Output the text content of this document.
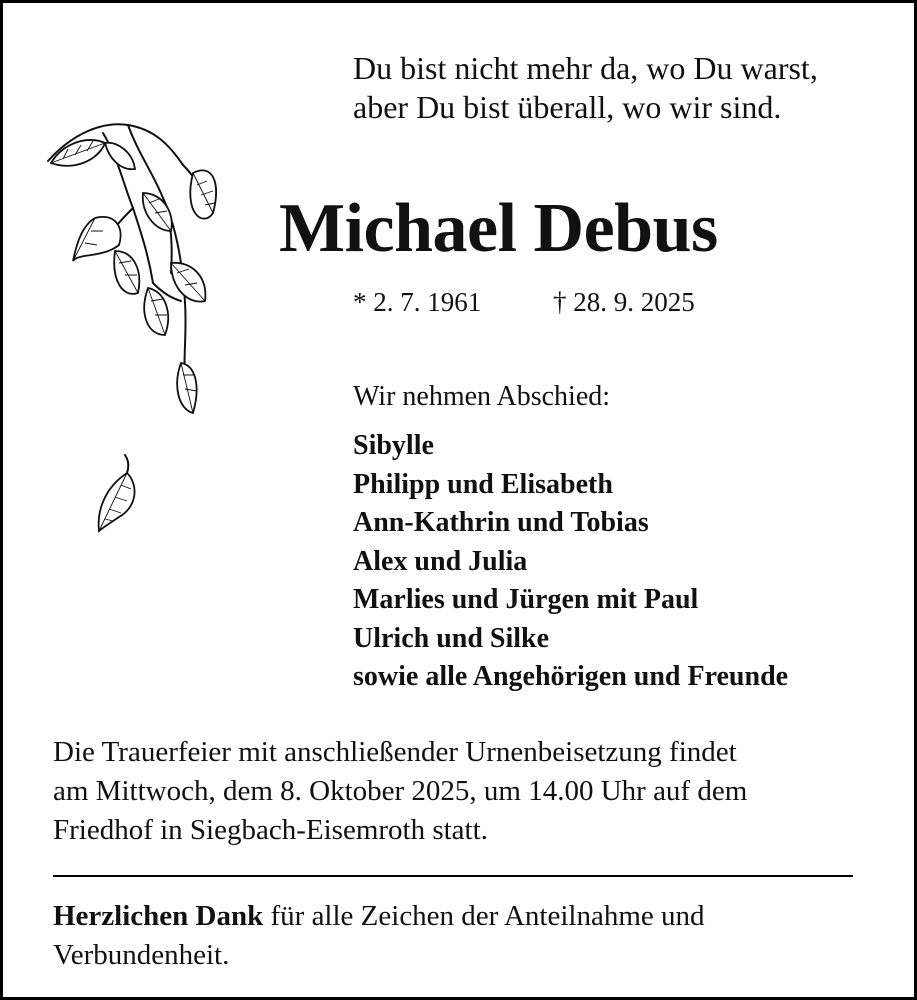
Du bist nicht mehr da, wo Du warst,
aber Du bist überall, wo wir sind.
Michael Debus
* 2. 7. 1961	† 28. 9. 2025
Wir nehmen Abschied:
Sibylle
Philipp und Elisabeth
Ann-Kathrin und Tobias
Alex und Julia
Marlies und Jürgen mit Paul
Ulrich und Silke
sowie alle Angehörigen und Freunde
Die Trauerfeier mit anschließender Urnenbeisetzung findet
am Mittwoch, dem 8. Oktober 2025, um 14.00 Uhr auf dem
Friedhof in Siegbach-Eisemroth statt.
Herzlichen Dank für alle Zeichen der Anteilnahme und
Verbundenheit.
